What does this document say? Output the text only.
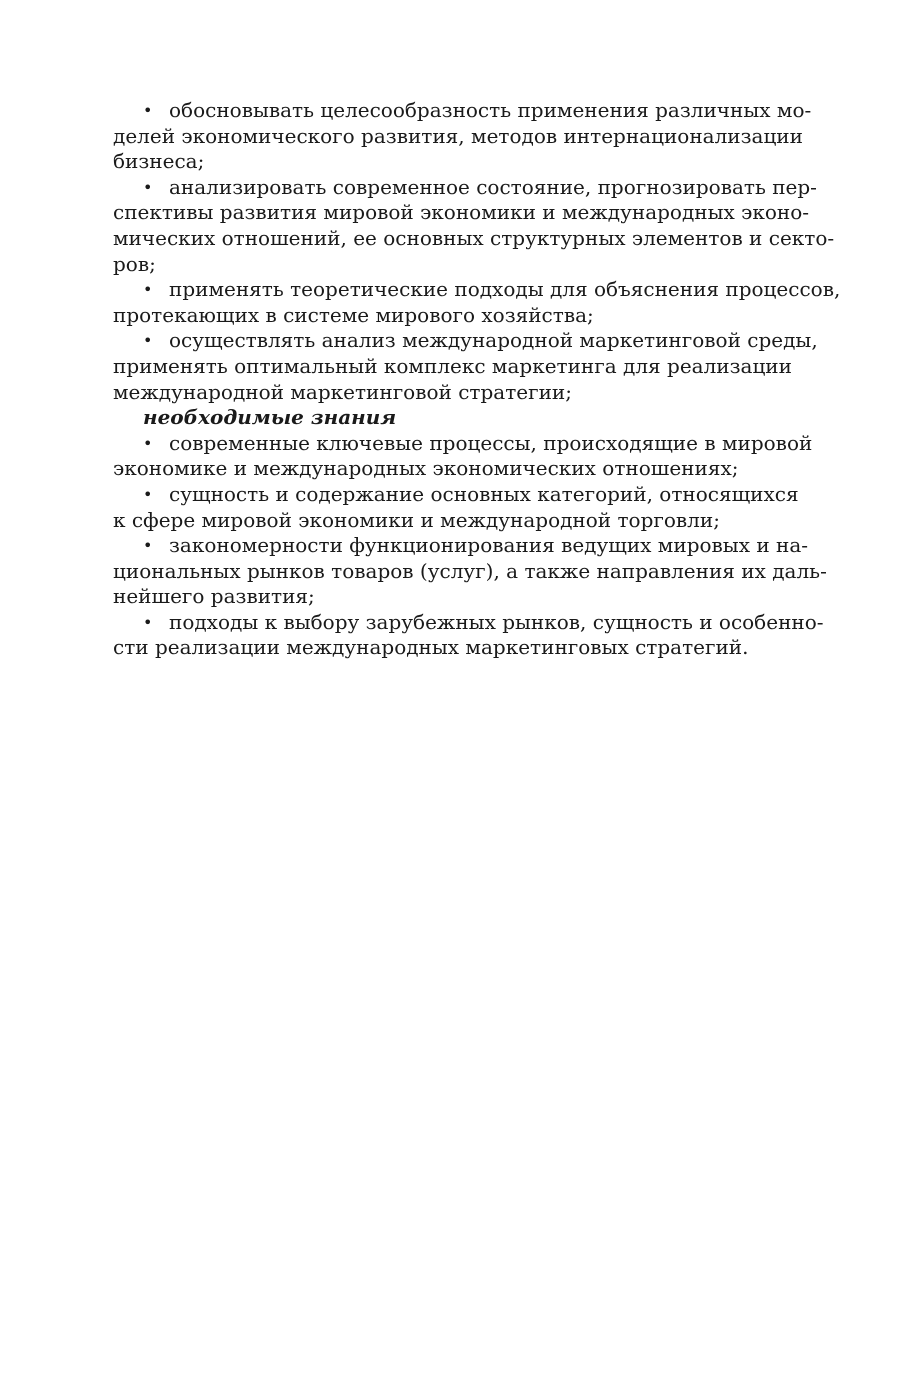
• обосновывать целесообразность применения различных мо-
делей экономического развития, методов интернационализации
бизнеса;
• анализировать современное состояние, прогнозировать пер-
спективы развития мировой экономики и международных эконо-
мических отношений, ее основных структурных элементов и секто-
ров;
• применять теоретические подходы для объяснения процессов,
протекающих в системе мирового хозяйства;
• осуществлять анализ международной маркетинговой среды,
применять оптимальный комплекс маркетинга для реализации
международной маркетинговой стратегии;
необходимые знания
• современные ключевые процессы, происходящие в мировой
экономике и международных экономических отношениях;
• сущность и содержание основных категорий, относящихся
к сфере мировой экономики и международной торговли;
• закономерности функционирования ведущих мировых и на-
циональных рынков товаров (услуг), а также направления их даль-
нейшего развития;
• подходы к выбору зарубежных рынков, сущность и особенно-
сти реализации международных маркетинговых стратегий.
